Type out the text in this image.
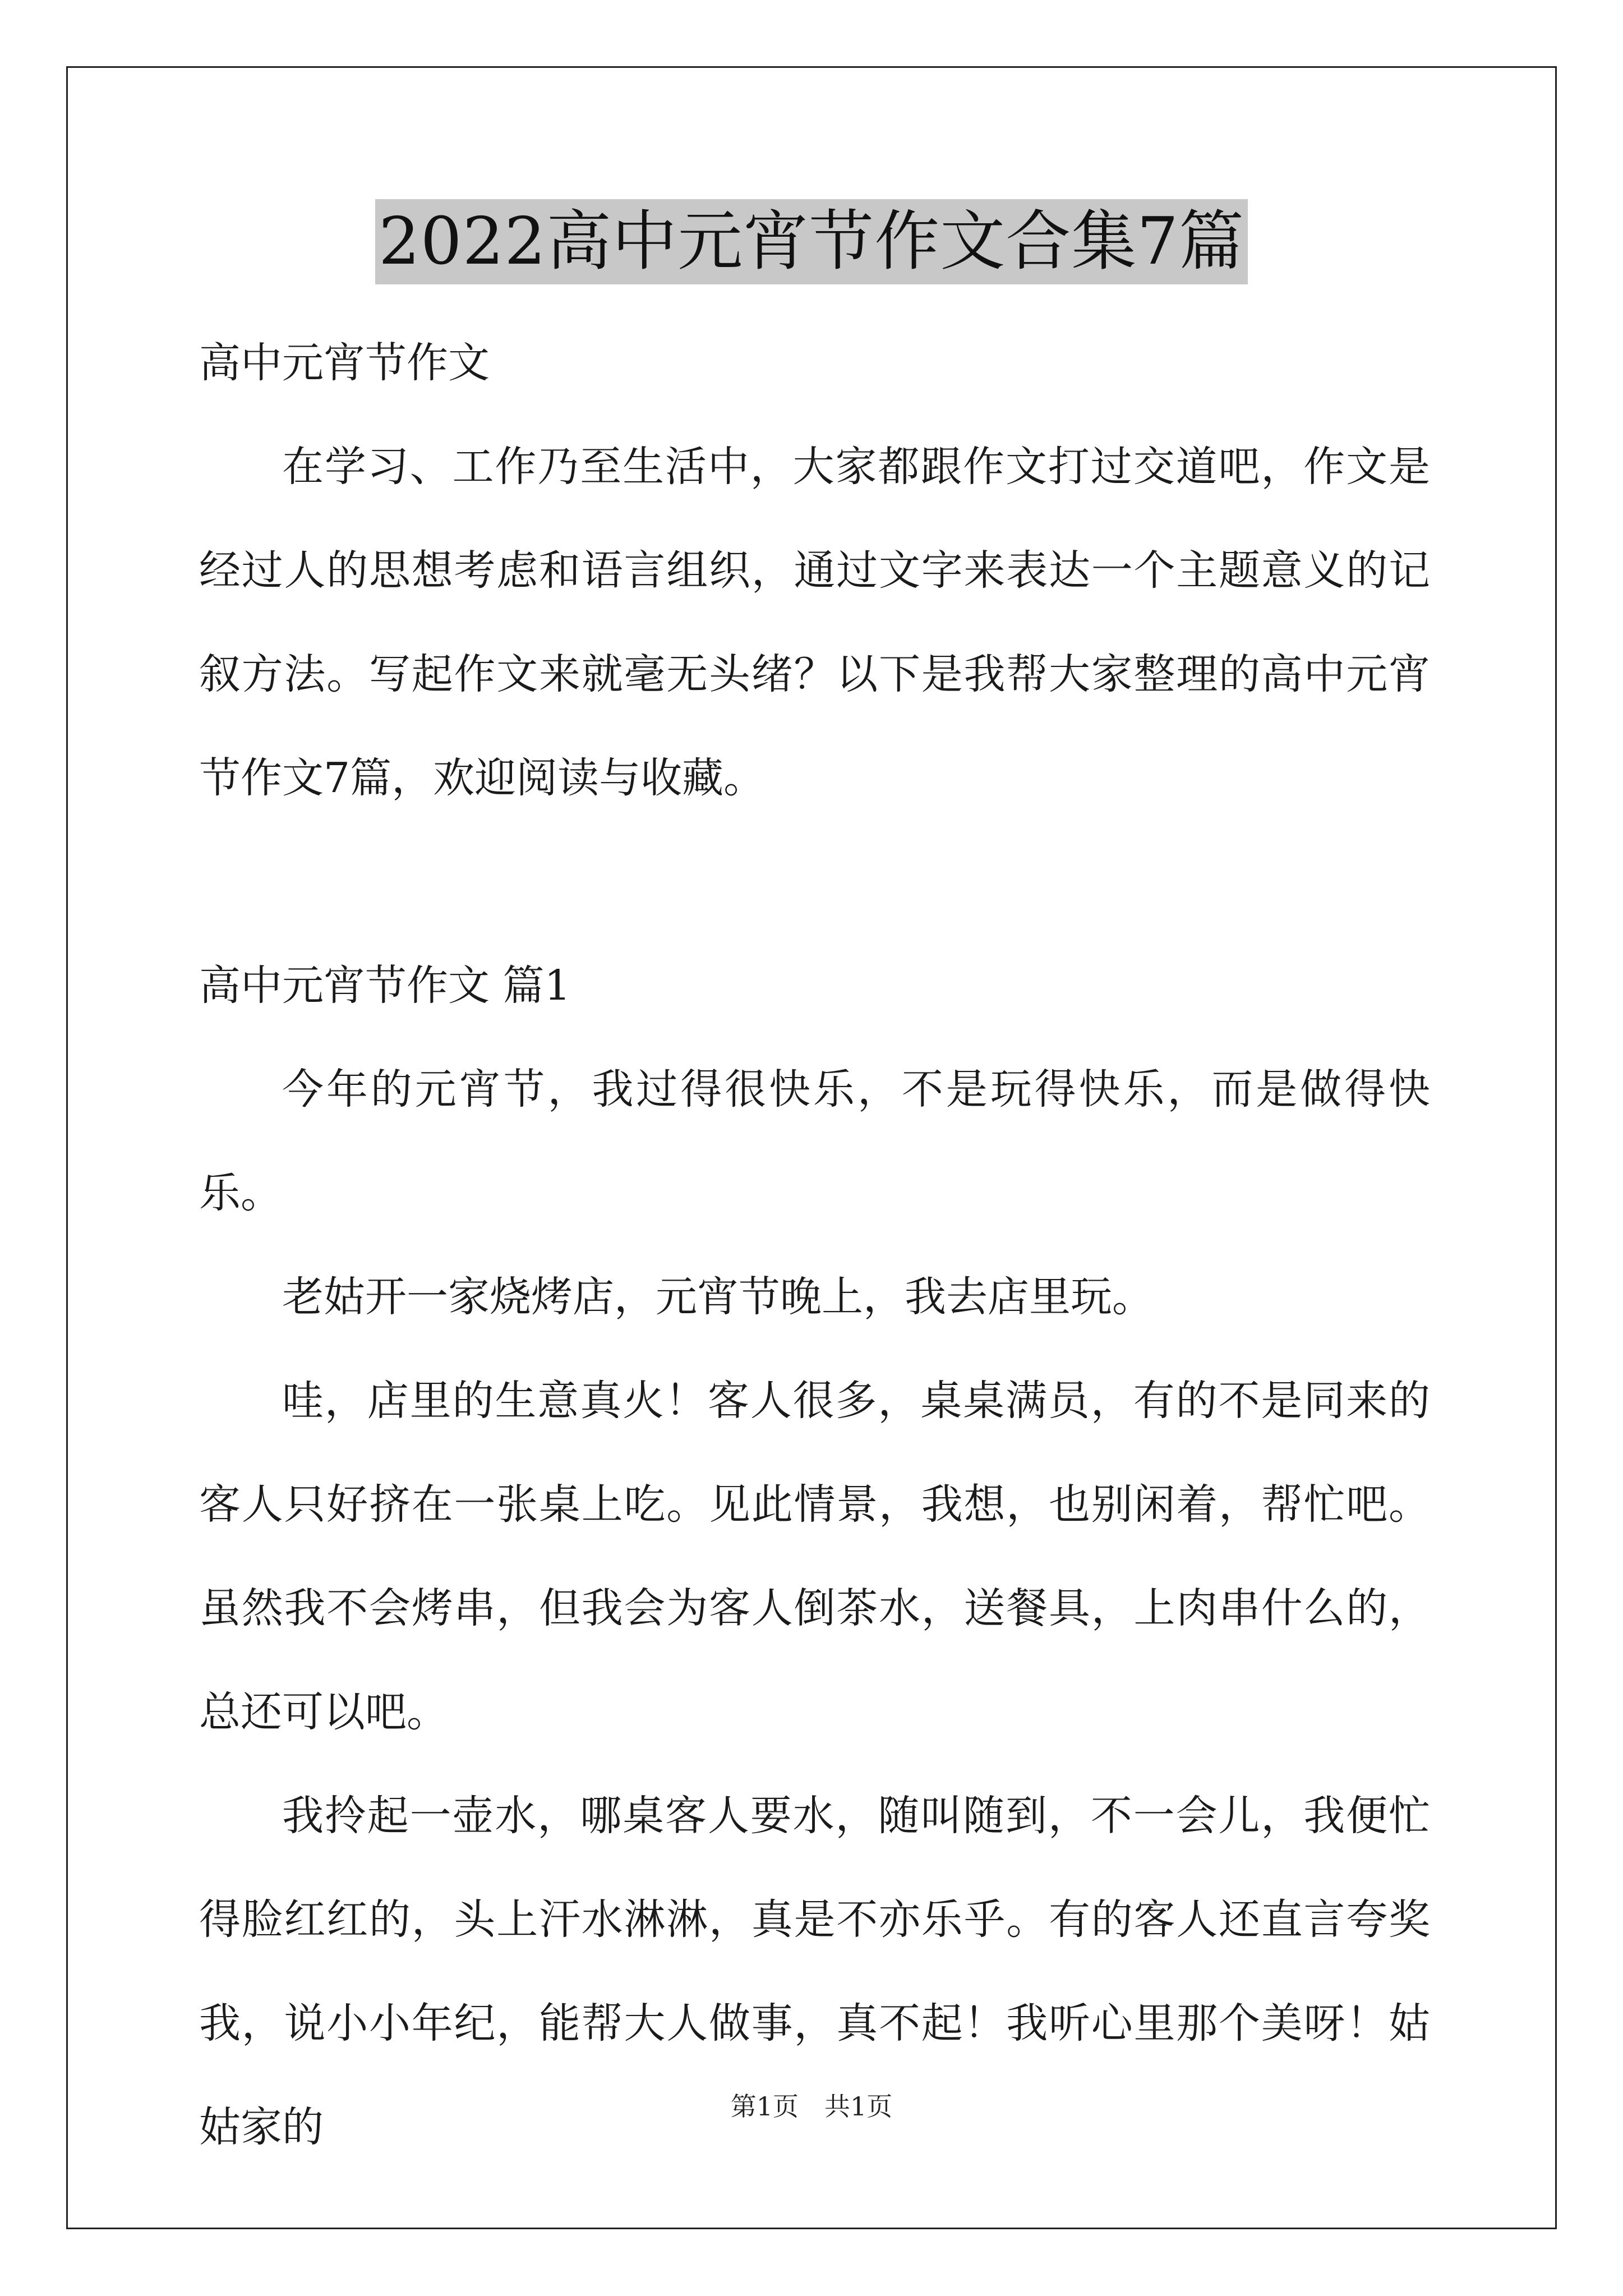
2022高中元宵节作文合集7篇

高中元宵节作文

在学习、工作乃至生活中，大家都跟作文打过交道吧，作文是经过人的思想考虑和语言组织，通过文字来表达一个主题意义的记叙方法。写起作文来就毫无头绪？以下是我帮大家整理的高中元宵节作文7篇，欢迎阅读与收藏。

高中元宵节作文 篇1

今年的元宵节，我过得很快乐，不是玩得快乐，而是做得快乐。

老姑开一家烧烤店，元宵节晚上，我去店里玩。

哇，店里的生意真火！客人很多，桌桌满员，有的不是同来的客人只好挤在一张桌上吃。见此情景，我想，也别闲着，帮忙吧。虽然我不会烤串，但我会为客人倒茶水，送餐具，上肉串什么的，总还可以吧。

我拎起一壶水，哪桌客人要水，随叫随到，不一会儿，我便忙得脸红红的，头上汗水淋淋，真是不亦乐乎。有的客人还直言夸奖我，说小小年纪，能帮大人做事，真不起！我听心里那个美呀！姑姑家的	第1页　共1页
